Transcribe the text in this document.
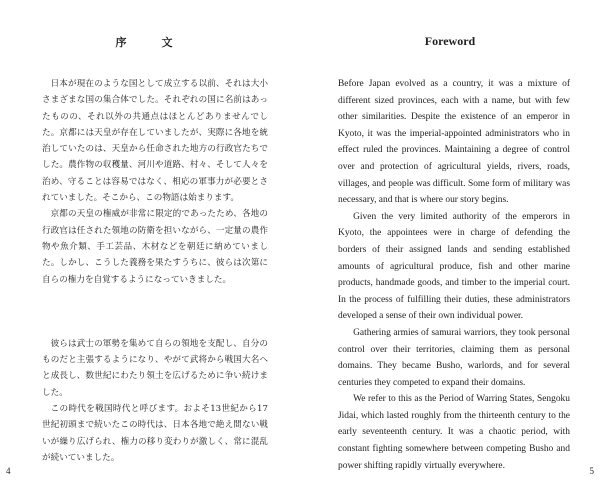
序　文

日本が現在のような国として成立する以前、それは大小さまざまな国の集合体でした。それぞれの国に名前はあったものの、それ以外の共通点はほとんどありませんでした。京都には天皇が存在していましたが、実際に各地を統治していたのは、天皇から任命された地方の行政官たちでした。農作物の収穫量、河川や道路、村々、そして人々を治め、守ることは容易ではなく、相応の軍事力が必要とされていました。そこから、この物語は始まります。

京都の天皇の権威が非常に限定的であったため、各地の行政官は任された領地の防衛を担いながら、一定量の農作物や魚介類、手工芸品、木材などを朝廷に納めていました。しかし、こうした義務を果たすうちに、彼らは次第に自らの権力を自覚するようになっていきました。

彼らは武士の軍勢を集めて自らの領地を支配し、自分のものだと主張するようになり、やがて武将から戦国大名へと成長し、数世紀にわたり領土を広げるために争い続けました。

この時代を戦国時代と呼びます。およそ13世紀から17世紀初頭まで続いたこの時代は、日本各地で絶え間ない戦いが繰り広げられ、権力の移り変わりが激しく、常に混乱が続いていました。

4
Foreword

Before Japan evolved as a country, it was a mixture of different sized provinces, each with a name, but with few other similarities. Despite the existence of an emperor in Kyoto, it was the imperial-appointed administrators who in effect ruled the provinces. Maintaining a degree of control over and protection of agricultural yields, rivers, roads, villages, and people was difficult. Some form of military was necessary, and that is where our story begins.

Given the very limited authority of the emperors in Kyoto, the appointees were in charge of defending the borders of their assigned lands and sending established amounts of agricultural produce, fish and other marine products, handmade goods, and timber to the imperial court. In the process of fulfilling their duties, these administrators developed a sense of their own individual power.

Gathering armies of samurai warriors, they took personal control over their territories, claiming them as personal domains. They became Busho, warlords, and for several centuries they competed to expand their domains.

We refer to this as the Period of Warring States, Sengoku Jidai, which lasted roughly from the thirteenth century to the early seventeenth century. It was a chaotic period, with constant fighting somewhere between competing Busho and power shifting rapidly virtually everywhere.

5
